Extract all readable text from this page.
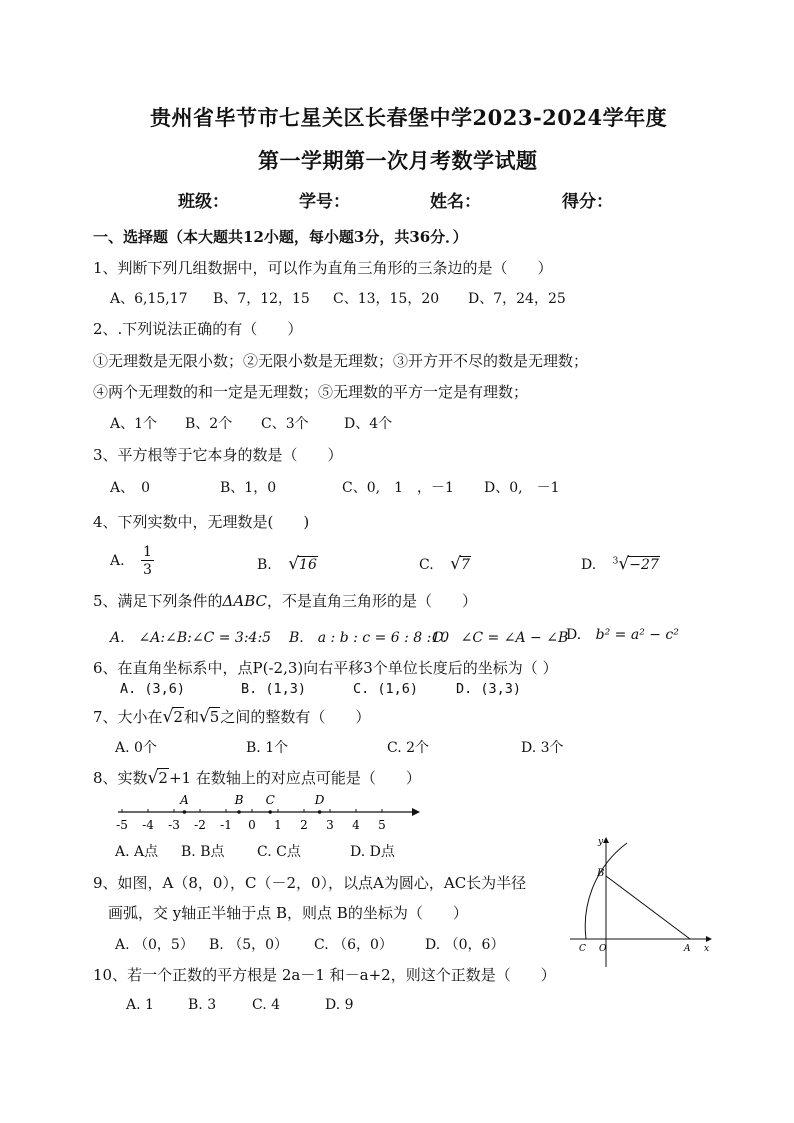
贵州省毕节市七星关区长春堡中学2023-2024学年度
第一学期第一次月考数学试题
班级：	学号：	姓名：	得分：
一、选择题（本大题共12小题，每小题3分，共36分．）
1、判断下列几组数据中，可以作为直角三角形的三条边的是（　　）
A、6,15,17 B、7，12，15 C、13，15，20 D、7，24，25
2、.下列说法正确的有（　　）
①无理数是无限小数；②无限小数是无理数；③开方开不尽的数是无理数；
④两个无理数的和一定是无理数；⑤无理数的平方一定是有理数；
A、1个 B、2个 C、3个	D、4个
3、平方根等于它本身的数是（　　）
A、　0	B、1，0	C、0,　1　，－1 D、0,　－1
4、下列实数中，无理数是(　　)
A. $\frac{1}{3}$	B. √16	C. √7	D. $^3$√−27
5、满足下列条件的ΔABC，不是直角三角形的是（　　）
A.　∠A:∠B:∠C = 3:4:5 B.　a : b : c = 6 : 8 :10
C.　∠C = ∠A − ∠B
D. b² = a² − c²
6、在直角坐标系中，点P(-2,3)向右平移3个单位长度后的坐标为（ ）
A. (3,6)	B. (1,3)	C. (1,6)	D. (3,3)
7、大小在√2和√5之间的整数有（　　）
A. 0个	B. 1个	C. 2个	D. 3个
8、实数√2+1 在数轴上的对应点可能是（　　）
-5 -4 -3 -2 -1 0 1 2 3 4 5
A	B C	D
A. A点 B. B点 C. C点	D. D点
9、如图，A（8，0），C（－2，0），以点A为圆心，AC长为半径
画弧，交 y轴正半轴于点 B，则点 B的坐标为（　　）
A. （0，5） B. （5，0） C. （6，0） D. （0，6）
y
x
B
C O	A
10、若一个正数的平方根是 2a－1 和－a+2，则这个正数是（　　）
A. 1 B. 3	C. 4	D. 9
